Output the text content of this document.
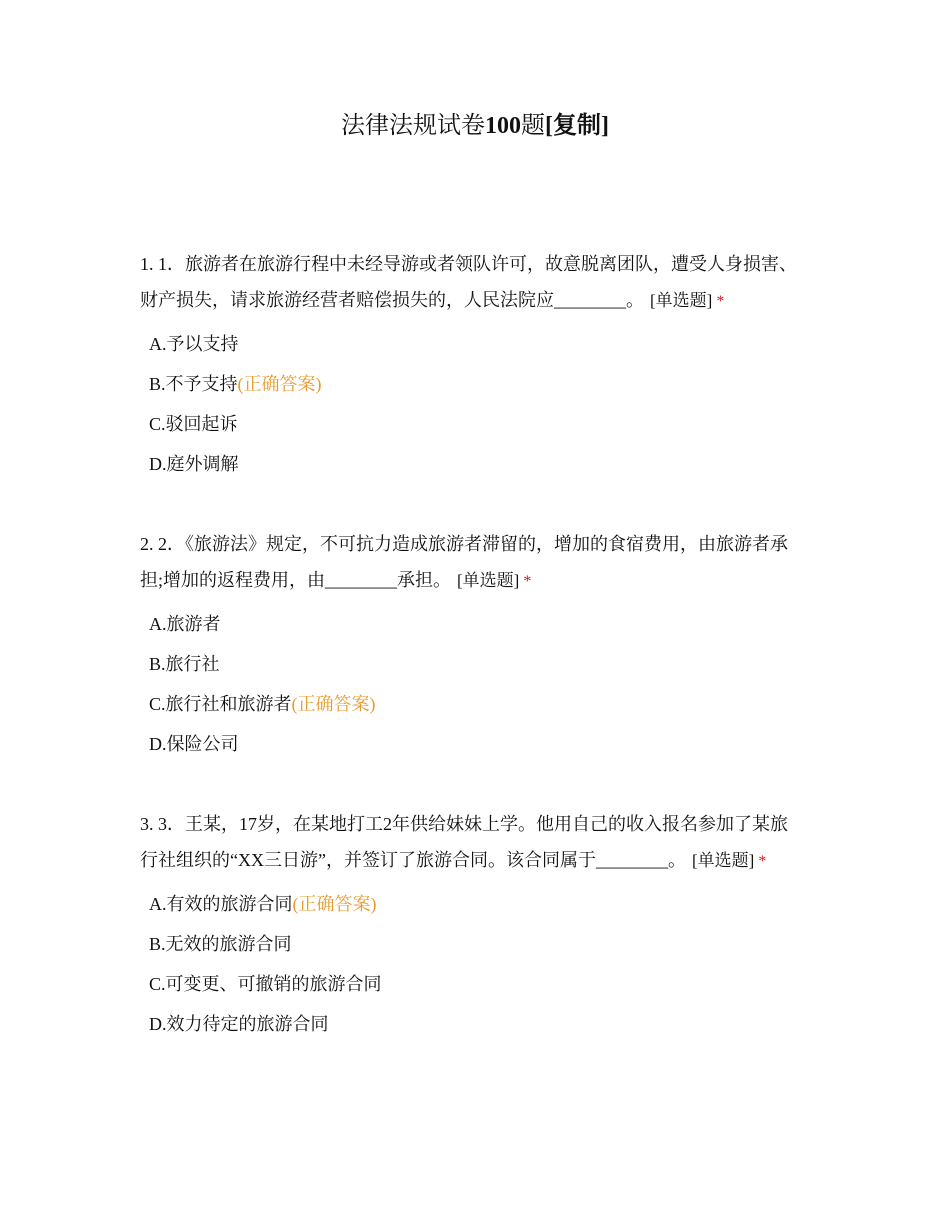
法律法规试卷100题[复制]

1. 1．旅游者在旅游行程中未经导游或者领队许可，故意脱离团队，遭受人身损害、财产损失，请求旅游经营者赔偿损失的，人民法院应________。 [单选题] *

A.予以支持
B.不予支持(正确答案)
C.驳回起诉
D.庭外调解

2. 2．《旅游法》规定，不可抗力造成旅游者滞留的，增加的食宿费用，由旅游者承担;增加的返程费用，由________承担。 [单选题] *

A.旅游者
B.旅行社
C.旅行社和旅游者(正确答案)
D.保险公司

3. 3．王某，17岁，在某地打工2年供给妹妹上学。他用自己的收入报名参加了某旅行社组织的“XX三日游”，并签订了旅游合同。该合同属于________。 [单选题] *

A.有效的旅游合同(正确答案)
B.无效的旅游合同
C.可变更、可撤销的旅游合同
D.效力待定的旅游合同
